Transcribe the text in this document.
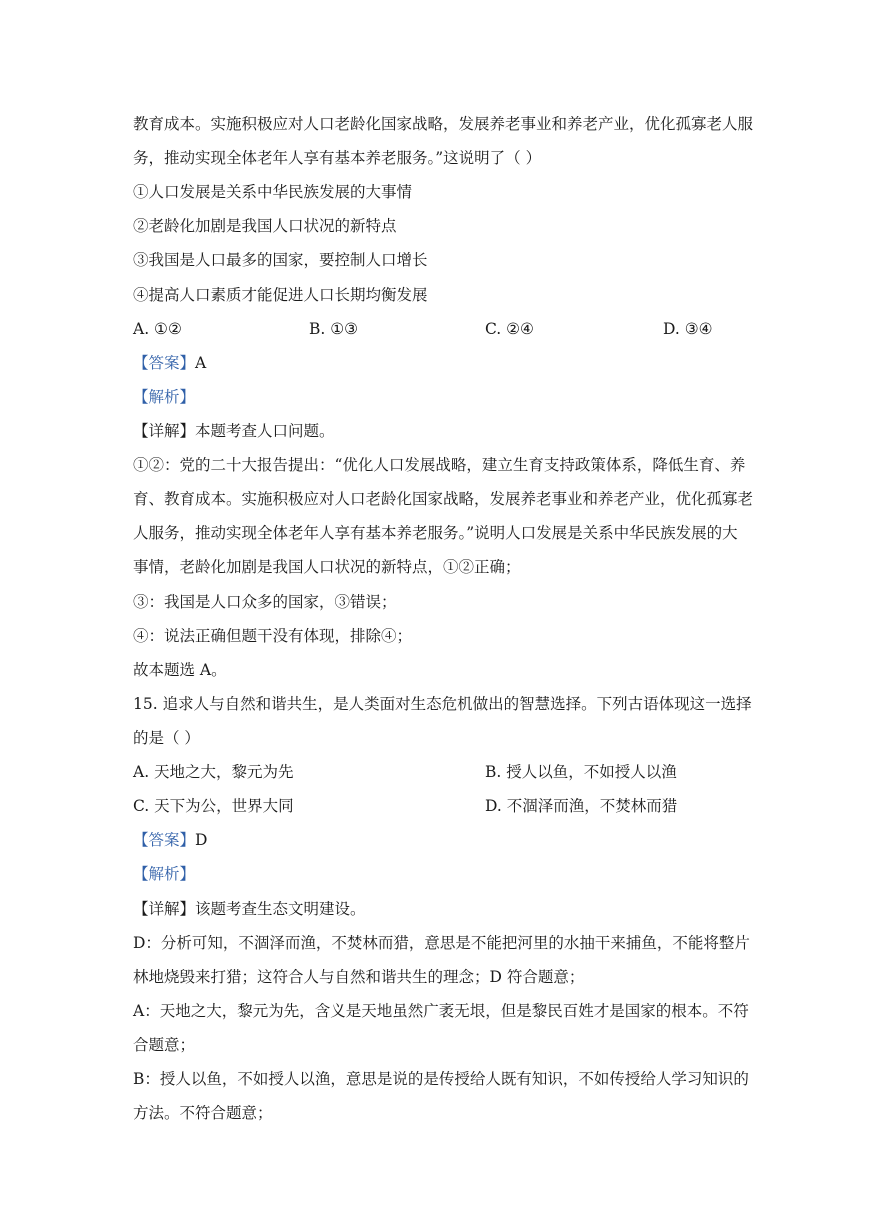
教育成本。实施积极应对人口老龄化国家战略，发展养老事业和养老产业，优化孤寡老人服
务，推动实现全体老年人享有基本养老服务。”这说明了（ ）
①人口发展是关系中华民族发展的大事情
②老龄化加剧是我国人口状况的新特点
③我国是人口最多的国家，要控制人口增长
④提高人口素质才能促进人口长期均衡发展
A. ①②	B. ①③	C. ②④	D. ③④
【答案】A
【解析】
【详解】本题考查人口问题。
①②：党的二十大报告提出：“优化人口发展战略，建立生育支持政策体系，降低生育、养
育、教育成本。实施积极应对人口老龄化国家战略，发展养老事业和养老产业，优化孤寡老
人服务，推动实现全体老年人享有基本养老服务。”说明人口发展是关系中华民族发展的大
事情，老龄化加剧是我国人口状况的新特点，①②正确；
③：我国是人口众多的国家，③错误；
④：说法正确但题干没有体现，排除④；
故本题选 A。
15. 追求人与自然和谐共生，是人类面对生态危机做出的智慧选择。下列古语体现这一选择
的是（ ）
A. 天地之大，黎元为先	B. 授人以鱼，不如授人以渔
C. 天下为公，世界大同	D. 不涸泽而渔，不焚林而猎
【答案】D
【解析】
【详解】该题考查生态文明建设。
D：分析可知，不涸泽而渔，不焚林而猎，意思是不能把河里的水抽干来捕鱼，不能将整片
林地烧毁来打猎；这符合人与自然和谐共生的理念；D 符合题意；
A：天地之大，黎元为先，含义是天地虽然广袤无垠，但是黎民百姓才是国家的根本。不符
合题意；
B：授人以鱼，不如授人以渔，意思是说的是传授给人既有知识，不如传授给人学习知识的
方法。不符合题意；
